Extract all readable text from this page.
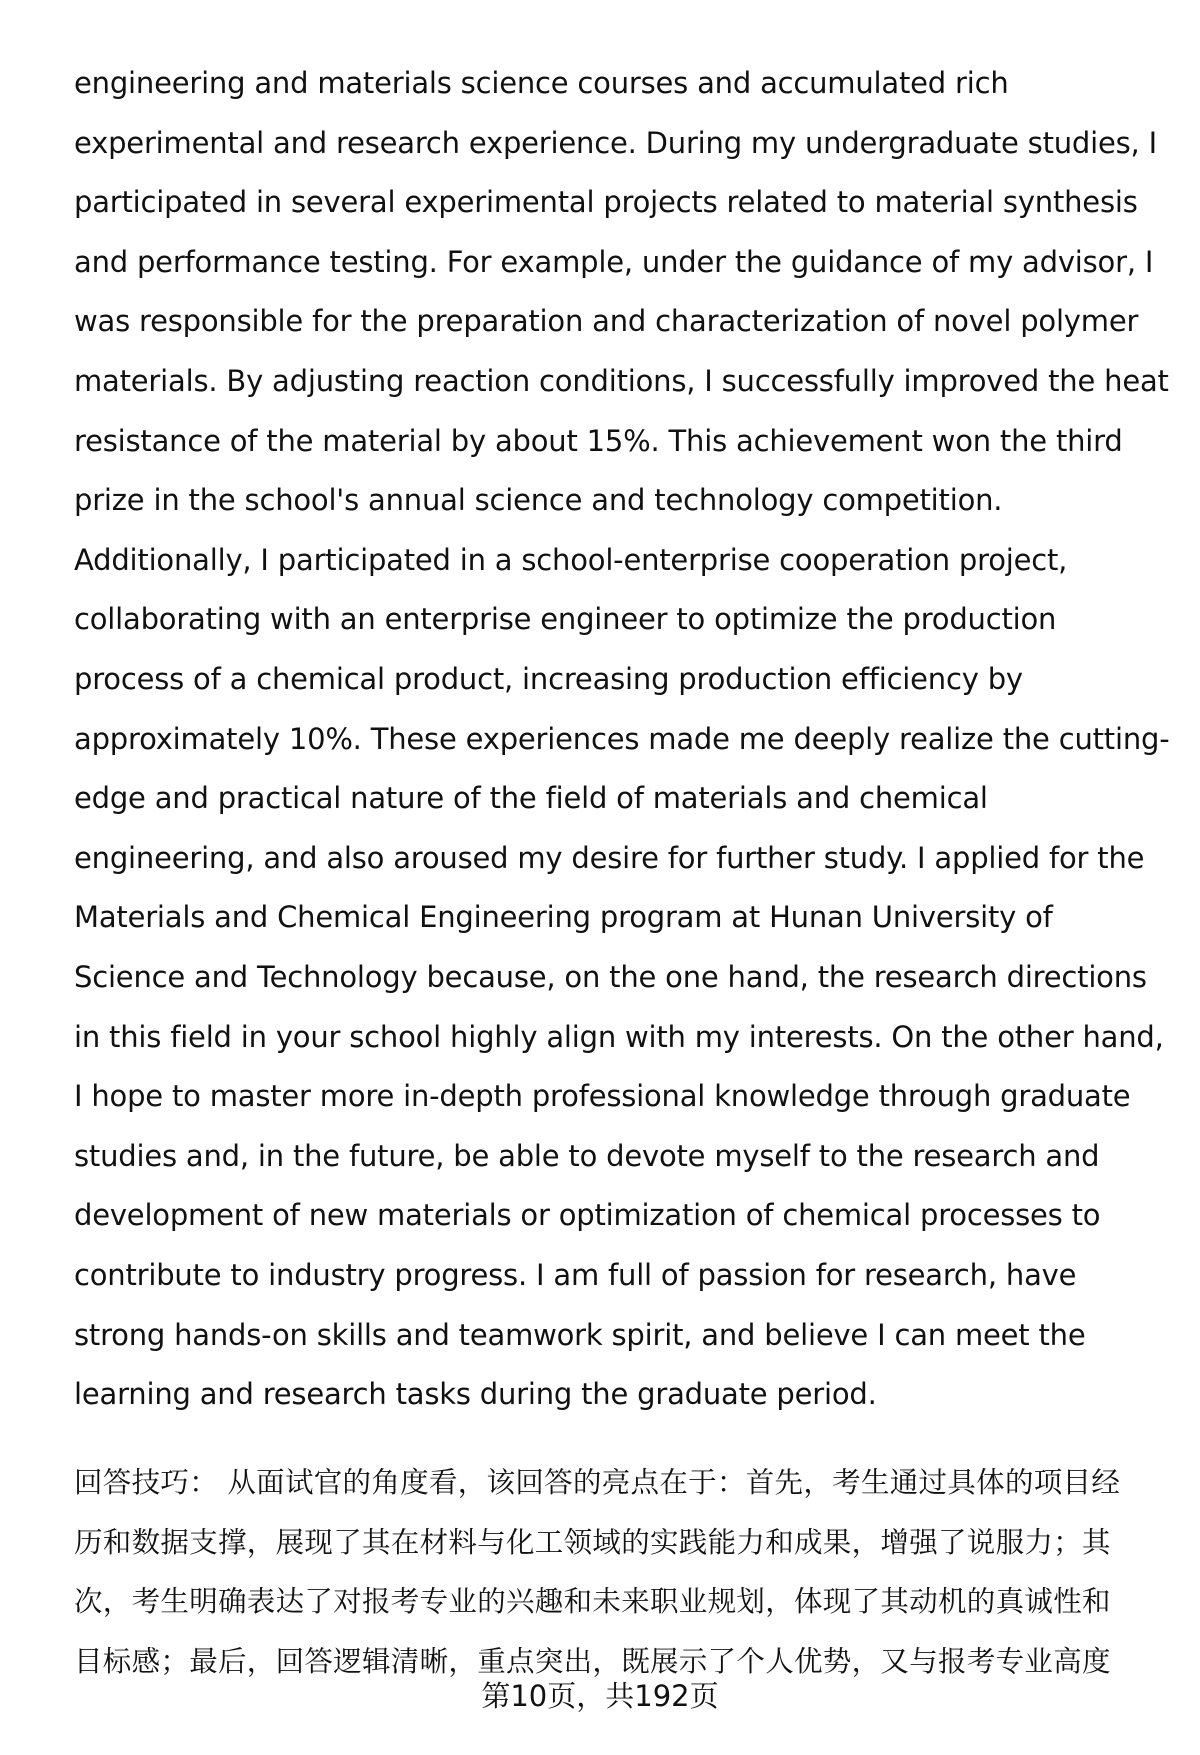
engineering and materials science courses and accumulated rich
experimental and research experience. During my undergraduate studies, I
participated in several experimental projects related to material synthesis
and performance testing. For example, under the guidance of my advisor, I
was responsible for the preparation and characterization of novel polymer
materials. By adjusting reaction conditions, I successfully improved the heat
resistance of the material by about 15%. This achievement won the third
prize in the school's annual science and technology competition.
Additionally, I participated in a school-enterprise cooperation project,
collaborating with an enterprise engineer to optimize the production
process of a chemical product, increasing production efficiency by
approximately 10%. These experiences made me deeply realize the cutting-
edge and practical nature of the field of materials and chemical
engineering, and also aroused my desire for further study. I applied for the
Materials and Chemical Engineering program at Hunan University of
Science and Technology because, on the one hand, the research directions
in this field in your school highly align with my interests. On the other hand,
I hope to master more in-depth professional knowledge through graduate
studies and, in the future, be able to devote myself to the research and
development of new materials or optimization of chemical processes to
contribute to industry progress. I am full of passion for research, have
strong hands-on skills and teamwork spirit, and believe I can meet the
learning and research tasks during the graduate period.
回答技巧： 从面试官的角度看，该回答的亮点在于：首先，考生通过具体的项目经
历和数据支撑，展现了其在材料与化工领域的实践能力和成果，增强了说服力；其
次，考生明确表达了对报考专业的兴趣和未来职业规划，体现了其动机的真诚性和
目标感；最后，回答逻辑清晰，重点突出，既展示了个人优势，又与报考专业高度
第10页，共192页
